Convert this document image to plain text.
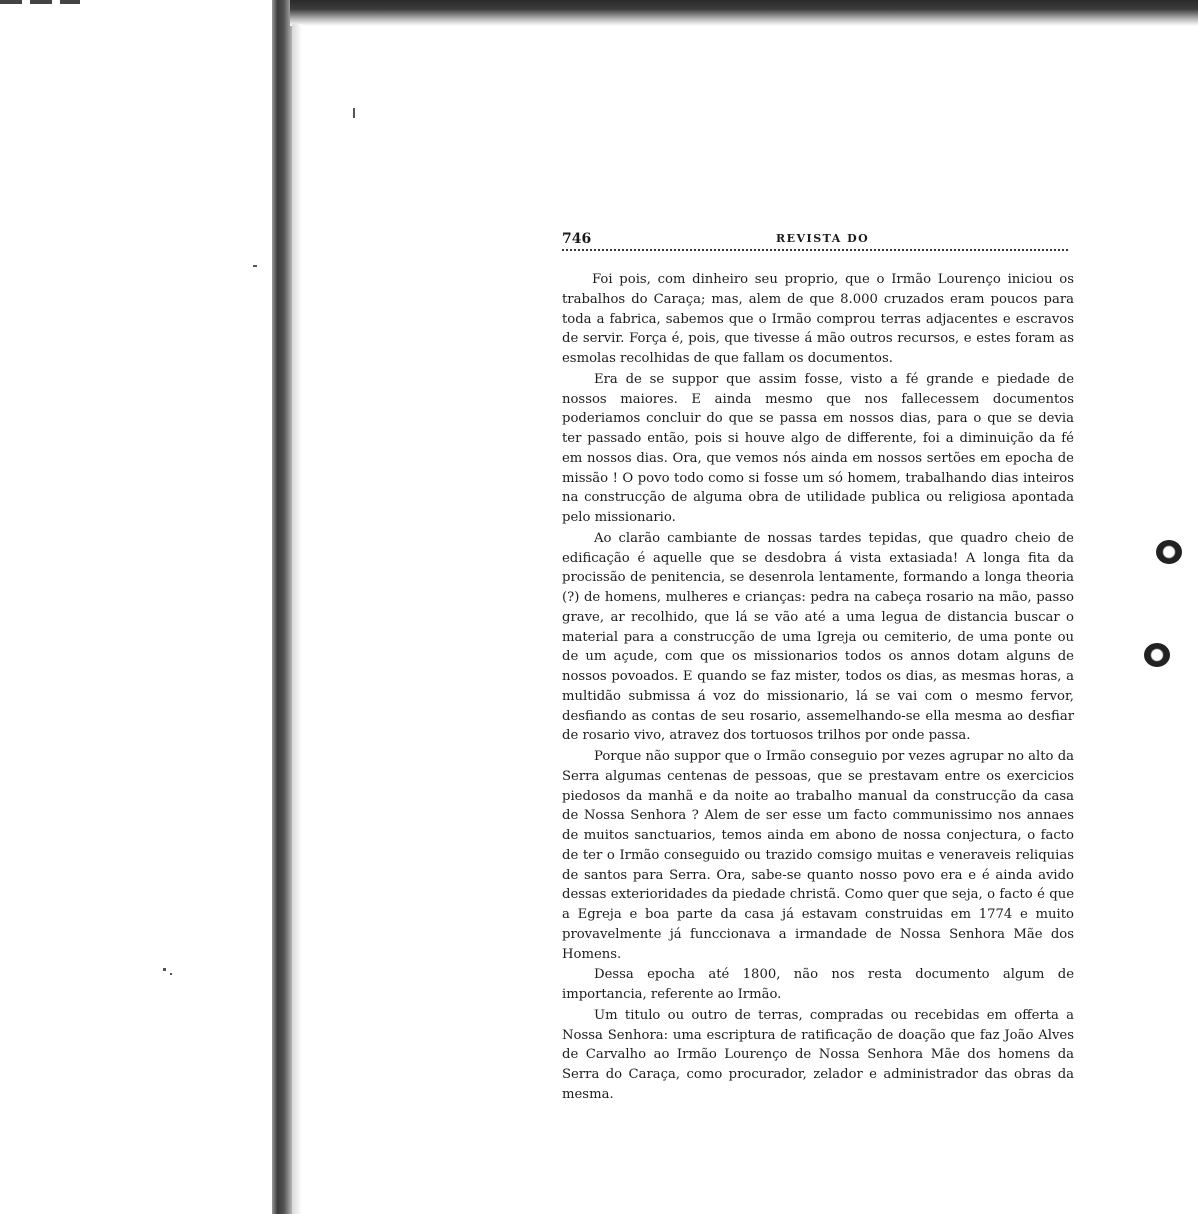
746	REVISTA DO

Foi pois, com dinheiro seu proprio, que o Irmão Lourenço iniciou os trabalhos do Caraça; mas, alem de que 8.000 cruzados eram poucos para toda a fabrica, sabemos que o Irmão comprou terras adjacentes e escravos de servir. Força é, pois, que tivesse á mão outros recursos, e estes foram as esmolas recolhidas de que fallam os documentos.

Era de se suppor que assim fosse, visto a fé grande e piedade de nossos maiores. E ainda mesmo que nos fallecessem documentos poderiamos concluir do que se passa em nossos dias, para o que se devia ter passado então, pois si houve algo de differente, foi a diminuição da fé em nossos dias. Ora, que vemos nós ainda em nossos sertões em epocha de missão ! O povo todo como si fosse um só homem, trabalhando dias inteiros na construcção de alguma obra de utilidade publica ou religiosa apontada pelo missionario.

Ao clarão cambiante de nossas tardes tepidas, que quadro cheio de edificação é aquelle que se desdobra á vista extasiada! A longa fita da procissão de penitencia, se desenrola lentamente, formando a longa theoria (?) de homens, mulheres e crianças: pedra na cabeça rosario na mão, passo grave, ar recolhido, que lá se vão até a uma legua de distancia buscar o material para a construcção de uma Igreja ou cemiterio, de uma ponte ou de um açude, com que os missionarios todos os annos dotam alguns de nossos povoados. E quando se faz mister, todos os dias, as mesmas horas, a multidão submissa á voz do missionario, lá se vai com o mesmo fervor, desfiando as contas de seu rosario, assemelhando-se ella mesma ao desfiar de rosario vivo, atravez dos tortuosos trilhos por onde passa.

Porque não suppor que o Irmão conseguio por vezes agrupar no alto da Serra algumas centenas de pessoas, que se prestavam entre os exercicios piedosos da manhã e da noite ao trabalho manual da construcção da casa de Nossa Senhora ? Alem de ser esse um facto communissimo nos annaes de muitos sanctuarios, temos ainda em abono de nossa conjectura, o facto de ter o Irmão conseguido ou trazido comsigo muitas e veneraveis reliquias de santos para Serra. Ora, sabe-se quanto nosso povo era e é ainda avido dessas exterioridades da piedade christã. Como quer que seja, o facto é que a Egreja e boa parte da casa já estavam construidas em 1774 e muito provavelmente já funccionava a irmandade de Nossa Senhora Mãe dos Homens.

Dessa epocha até 1800, não nos resta documento algum de importancia, referente ao Irmão.

Um titulo ou outro de terras, compradas ou recebidas em offerta a Nossa Senhora: uma escriptura de ratificação de doação que faz João Alves de Carvalho ao Irmão Lourenço de Nossa Senhora Mãe dos homens da Serra do Caraça, como procurador, zelador e administrador das obras da mesma.
